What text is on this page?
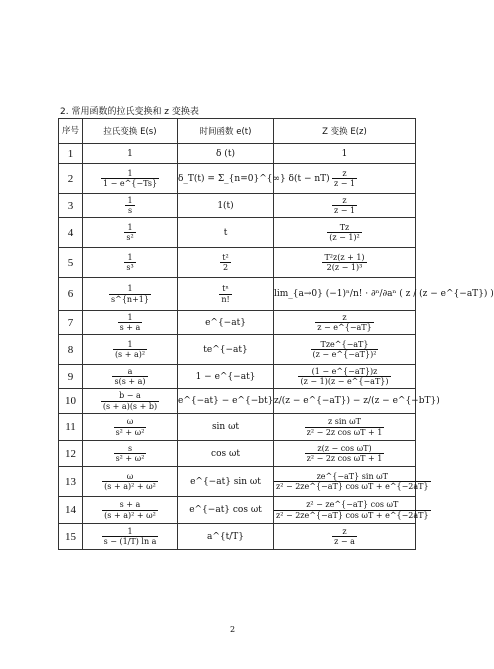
2. 常用函数的拉氏变换和 z 变换表
序号	拉氏变换 E(s)	时间函数 e(t)	Z 变换 E(z)
1	1	δ (t)	1
2	$\frac{1}{1 - e\^{}\{-Ts\}}$	δ_T(t) = Σ_{n=0}^{∞} δ(t − nT)	$\frac{z}{z - 1}$

3	$\frac{1}{s}$	1(t)	$\frac{z}{z - 1}$

4	$\frac{1}{\text{s²}}$	t	$\frac{Tz}{\text{(z − 1)²}}$

5	$\frac{1}{\text{s³}}$	$\frac{\text{t²}}{2}$	$\frac{\text{T²z(z + 1)}}{\text{2(z − 1)³}}$

6	$\frac{1}{s\^{}\{n+1\}}$	$\frac{\text{tⁿ}}{n!}$	lim_{a→0} (−1)ⁿ/n! · ∂ⁿ/∂aⁿ ( z / (z − e^{−aT}) )
7	$\frac{1}{s + a}$	e^{−at}	$\frac{z}{z - e\^{}\{-aT\}}$

8	$\frac{1}{\text{(s + a)²}}$	te^{−at}	$\frac{\text{Tze\textasciicircum{}\{−aT\}}}{\text{(z − e\textasciicircum{}\{−aT\})²}}$

9	$\frac{a}{s(s + a)}$	1 − e^{−at}	$\frac{(1 - e\^{}\{-aT\})z}{(z - 1)(z - e\^{}\{-aT\})}$

10	$\frac{b - a}{(s + a)(s + b)}$	e^{−at} − e^{−bt}	z/(z − e^{−aT}) − z/(z − e^{−bT})
11	$\frac{\omega}{\text{s² + ω²}}$	sin ωt	$\frac{\text{z sin ωT}}{\text{z² − 2z cos ωT + 1}}$

12	$\frac{s}{\text{s² + ω²}}$	cos ωt	$\frac{\text{z(z − cos ωT)}}{\text{z² − 2z cos ωT + 1}}$

13	$\frac{\omega}{\text{(s + a)² + ω²}}$	e^{−at} sin ωt	$\frac{\text{ze\textasciicircum{}\{−aT\} sin ωT}}{\text{z² − 2ze\textasciicircum{}\{−aT\} cos ωT + e\textasciicircum{}\{−2aT\}}}$

14	$\frac{s + a}{\text{(s + a)² + ω²}}$	e^{−at} cos ωt	$\frac{\text{z² − ze\textasciicircum{}\{−aT\} cos ωT}}{\text{z² − 2ze\textasciicircum{}\{−aT\} cos ωT + e\textasciicircum{}\{−2aT\}}}$

15	$\frac{1}{\text{s − (1/T) ln a}}$	a^{t/T}	$\frac{z}{z - a}$
2
